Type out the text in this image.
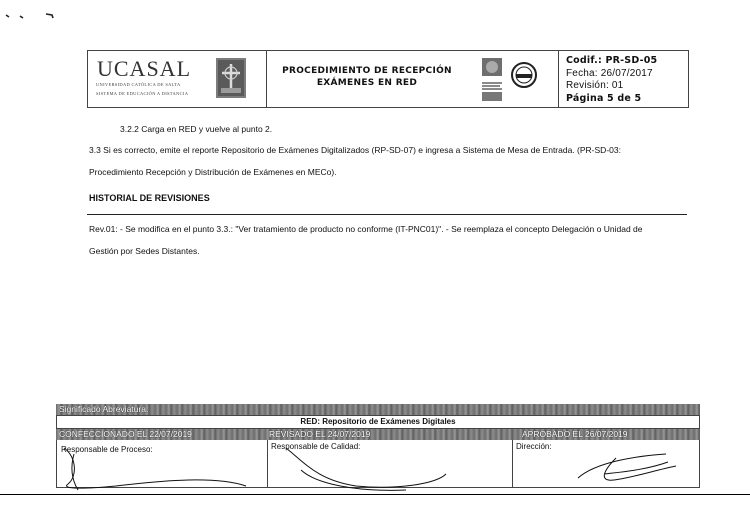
UCASAL
UNIVERSIDAD CATÓLICA DE SALTA
SISTEMA DE EDUCACIÓN A DISTANCIA
PROCEDIMIENTO DE RECEPCIÓN
EXÁMENES EN RED
Codif.: PR-SD-05
Fecha: 26/07/2017
Revisión: 01
Página 5 de 5
3.2.2 Carga en RED y vuelve al punto 2.
3.3 Si es correcto, emite el reporte Repositorio de Exámenes Digitalizados (RP-SD-07) e ingresa a Sistema de Mesa de Entrada. (PR-SD-03:
Procedimiento Recepción y Distribución de Exámenes en MECo).
HISTORIAL DE REVISIONES
Rev.01: - Se modifica en el punto 3.3.: "Ver tratamiento de producto no conforme (IT-PNC01)". - Se reemplaza el concepto Delegación o Unidad de
Gestión por Sedes Distantes.
Significado Abreviatura:
RED: Repositorio de Exámenes Digitales
CONFECCIONADO EL 22/07/2019	REVISADO EL 24/07/2019	APROBADO EL 26/07/2019
Responsable de Proceso:	Responsable de Calidad:	Dirección:
